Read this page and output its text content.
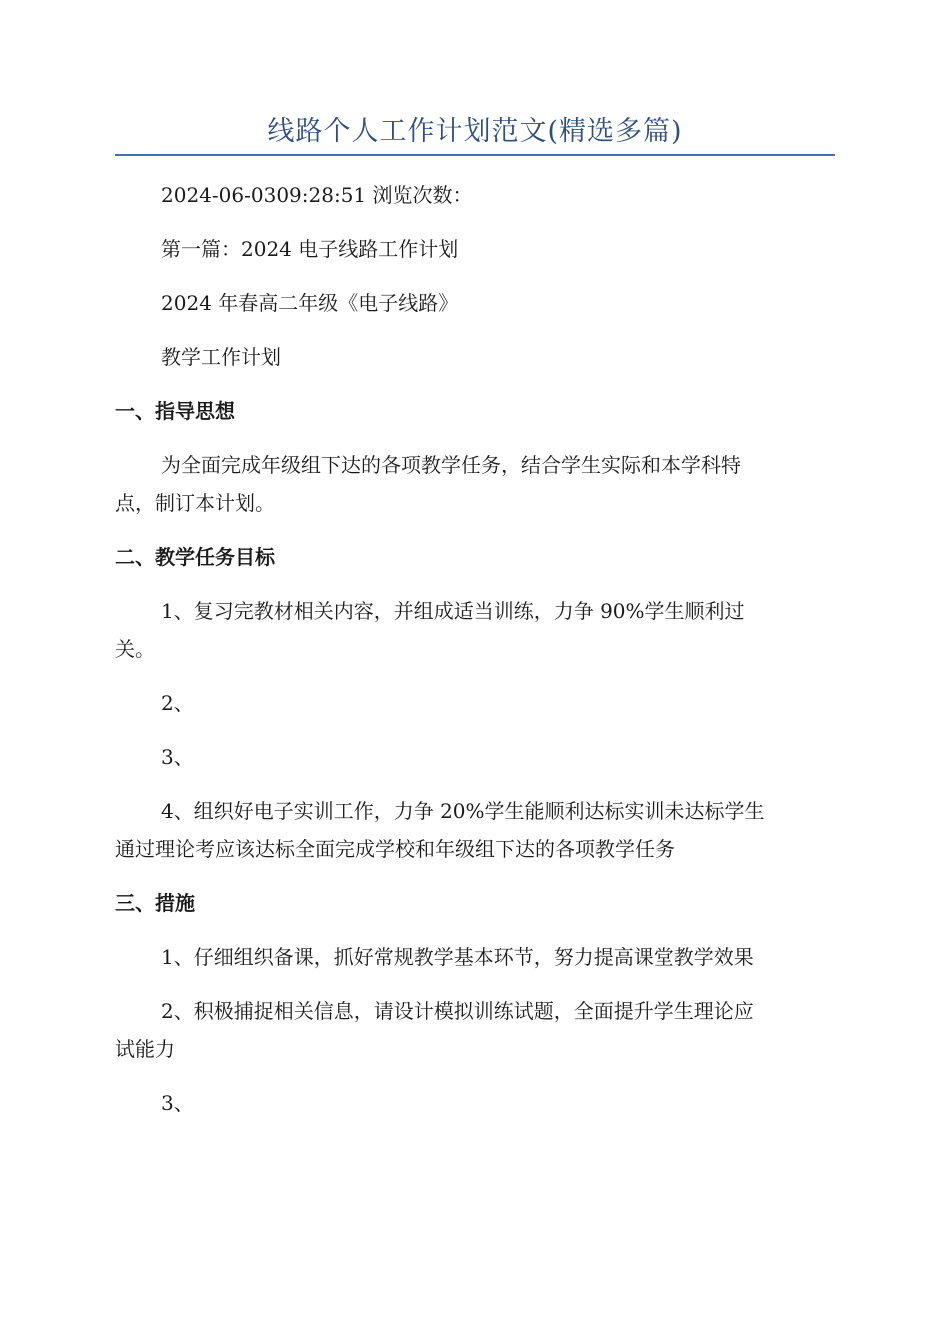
线路个人工作计划范文(精选多篇)
2024-06-0309:28:51 浏览次数：
第一篇：2024 电子线路工作计划
2024 年春高二年级《电子线路》
教学工作计划
一、指导思想
为全面完成年级组下达的各项教学任务，结合学生实际和本学科特
点，制订本计划。
二、教学任务目标
1、复习完教材相关内容，并组成适当训练，力争 90%学生顺利过
关。
2、
3、
4、组织好电子实训工作，力争 20%学生能顺利达标实训未达标学生
通过理论考应该达标全面完成学校和年级组下达的各项教学任务
三、措施
1、仔细组织备课，抓好常规教学基本环节，努力提高课堂教学效果
2、积极捕捉相关信息，请设计模拟训练试题，全面提升学生理论应
试能力
3、
